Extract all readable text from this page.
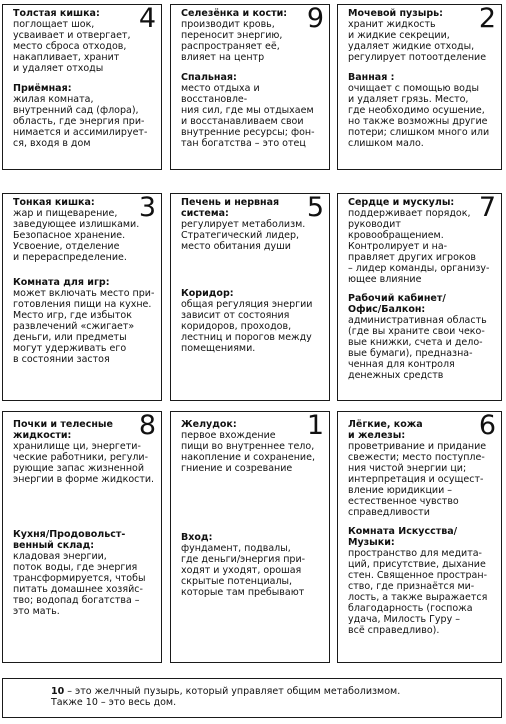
4

Толстая кишка:

поглощает шок,
усваивает и отвергает,
место сброса отходов,
накапливает, хранит
и удаляет отходы

Приёмная:

жилая комната,
внутренний сад (флора),
область, где энергия при-
нимается и ассимилирует-
ся, входя в дом

9

Селезёнка и кости:

производит кровь,
переносит энергию,
распространяет её,
влияет на центр

Спальная:

место отдыха и восстановле-
ния сил, где мы отдыхаем
и восстанавливаем свои
внутренние ресурсы; фон-
тан богатства – это отец

2

Мочевой пузырь:

хранит жидкость
и жидкие секреции,
удаляет жидкие отходы,
регулирует потоотделение

Ванная :

очищает с помощью воды
и удаляет грязь. Место,
где необходимо осушение,
но также возможны другие
потери; слишком много или
слишком мало.

3

Тонкая кишка:

жар и пищеварение,
заведующее излишками.
Безопасное хранение.
Усвоение, отделение
и перераспределение.

Комната для игр:

может включать место при-
готовления пищи на кухне.
Место игр, где избыток
развлечений «сжигает»
деньги, или предметы
могут удерживать его
в состоянии застоя

5

Печень и нервная
система:

регулирует метаболизм.
Стратегический лидер,
место обитания души

Коридор:

общая регуляция энергии
зависит от состояния
коридоров, проходов,
лестниц и порогов между
помещениями.

7

Сердце и мускулы:

поддерживает порядок,
руководит кровообращением.
Контролирует и на-
правляет других игроков
– лидер команды, организу-
ющее влияние

Рабочий кабинет/
Офис/Балкон:

административная область
(где вы храните свои чеко-
вые книжки, счета и дело-
вые бумаги), предназна-
ченная для контроля
денежных средств

8

Почки и телесные
жидкости:

хранилище ци, энергети-
ческие работники, регули-
рующие запас жизненной
энергии в форме жидкости.

Кухня/Продовольст-
венный склад:

кладовая энергии,
поток воды, где энергия
трансформируется, чтобы
питать домашнее хозяйс-
тво; водопад богатства –
это мать.

1

Желудок:

первое вхождение
пищи во внутреннее тело,
накопление и сохранение,
гниение и созревание

Вход:

фундамент, подвалы,
где деньги/энергия при-
ходят и уходят, орошая
скрытые потенциалы,
которые там пребывают

6

Лёгкие, кожа
и железы:

проветривание и придание
свежести; место поступле-
ния чистой энергии ци;
интерпретация и осущест-
вление юридикции –
естественное чувство
справедливости

Комната Искусства/
Музыки:

пространство для медита-
ций, присутствие, дыхание
стен. Священное простран-
ство, где признаётся ми-
лость, а также выражается
благодарность (госпожа
удача, Милость Гуру –
всё справедливо).

10 – это желчный пузырь, который управляет общим метаболизмом.

Также 10 – это весь дом.
